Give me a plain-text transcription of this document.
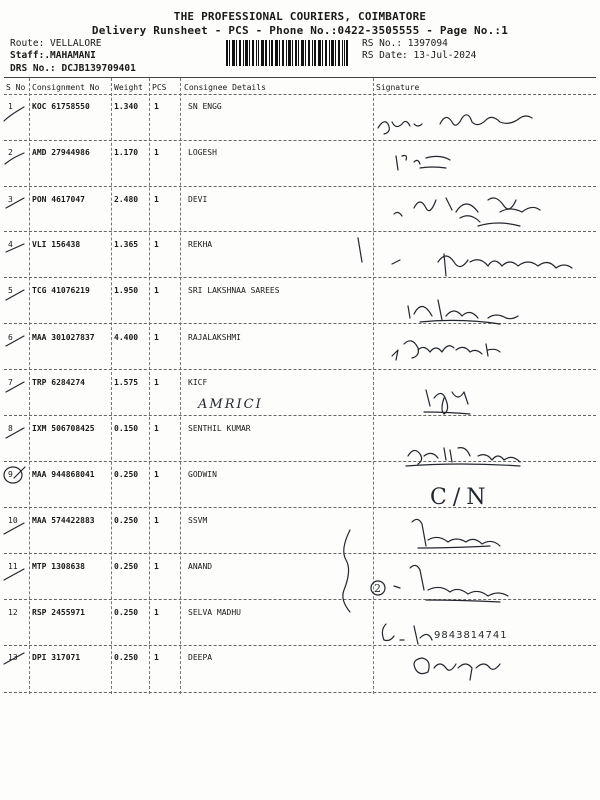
THE PROFESSIONAL COURIERS, COIMBATORE
Delivery Runsheet - PCS - Phone No.:0422-3505555 - Page No.:1
Route: VELLALORE
Staff:.MAHAMANI
DRS No.: DCJB139709401
RS No.: 1397094
RS Date: 13-Jul-2024
S No Consignment No Weight PCS Consignee Details	Signature
1 KOC 61758550	1.340 1	SN ENGG
2 AMD 27944986	1.170 1	LOGESH
3 PON 4617047	2.480 1	DEVI
4 VLI 156438	1.365 1	REKHA
5 TCG 41076219	1.950 1	SRI LAKSHNAA SAREES
6 MAA 301027837 4.400 1	RAJALAKSHMI
7 TRP 6284274	1.575 1	KICF
8 IXM 506708425 0.150 1	SENTHIL KUMAR
9 MAA 944868041 0.250 1	GODWIN
10 MAA 574422883 0.250 1	SSVM
11 MTP 1308638	0.250 1	ANAND
12 RSP 2455971	0.250 1	SELVA MADHU
13 DPI 317071	0.250 1	DEEPA
AMRICI
C/N
2
9843814741
